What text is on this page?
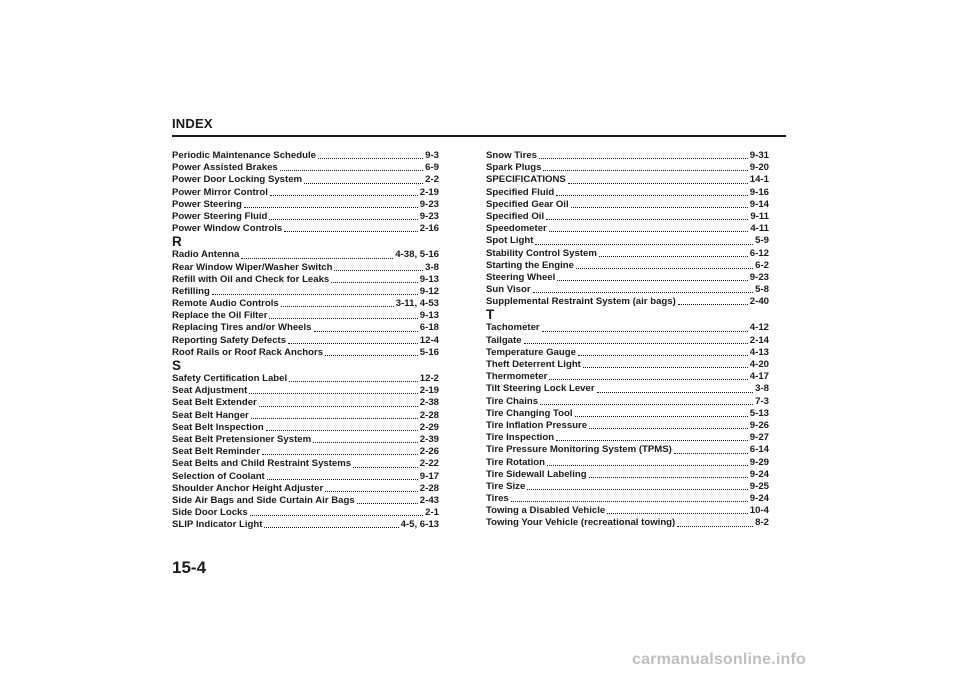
INDEX
Periodic Maintenance Schedule	9-3
Power Assisted Brakes	6-9
Power Door Locking System	2-2
Power Mirror Control	2-19
Power Steering	9-23
Power Steering Fluid	9-23
Power Window Controls	2-16
R
Radio Antenna	4-38, 5-16
Rear Window Wiper/Washer Switch	3-8
Refill with Oil and Check for Leaks	9-13
Refilling	9-12
Remote Audio Controls	3-11, 4-53
Replace the Oil Filter	9-13
Replacing Tires and/or Wheels	6-18
Reporting Safety Defects	12-4
Roof Rails or Roof Rack Anchors	5-16
S
Safety Certification Label	12-2
Seat Adjustment	2-19
Seat Belt Extender	2-38
Seat Belt Hanger	2-28
Seat Belt Inspection	2-29
Seat Belt Pretensioner System	2-39
Seat Belt Reminder	2-26
Seat Belts and Child Restraint Systems	2-22
Selection of Coolant	9-17
Shoulder Anchor Height Adjuster	2-28
Side Air Bags and Side Curtain Air Bags	2-43
Side Door Locks	2-1
SLIP Indicator Light	4-5, 6-13
Snow Tires	9-31
Spark Plugs	9-20
SPECIFICATIONS	14-1
Specified Fluid	9-16
Specified Gear Oil	9-14
Specified Oil	9-11
Speedometer	4-11
Spot Light	5-9
Stability Control System	6-12
Starting the Engine	6-2
Steering Wheel	9-23
Sun Visor	5-8
Supplemental Restraint System (air bags)	2-40
T
Tachometer	4-12
Tailgate	2-14
Temperature Gauge	4-13
Theft Deterrent Light	4-20
Thermometer	4-17
Tilt Steering Lock Lever	3-8
Tire Chains	7-3
Tire Changing Tool	5-13
Tire Inflation Pressure	9-26
Tire Inspection	9-27
Tire Pressure Monitoring System (TPMS)	6-14
Tire Rotation	9-29
Tire Sidewall Labeling	9-24
Tire Size	9-25
Tires	9-24
Towing a Disabled Vehicle	10-4
Towing Your Vehicle (recreational towing)	8-2
15-4
carmanualsonline.info
